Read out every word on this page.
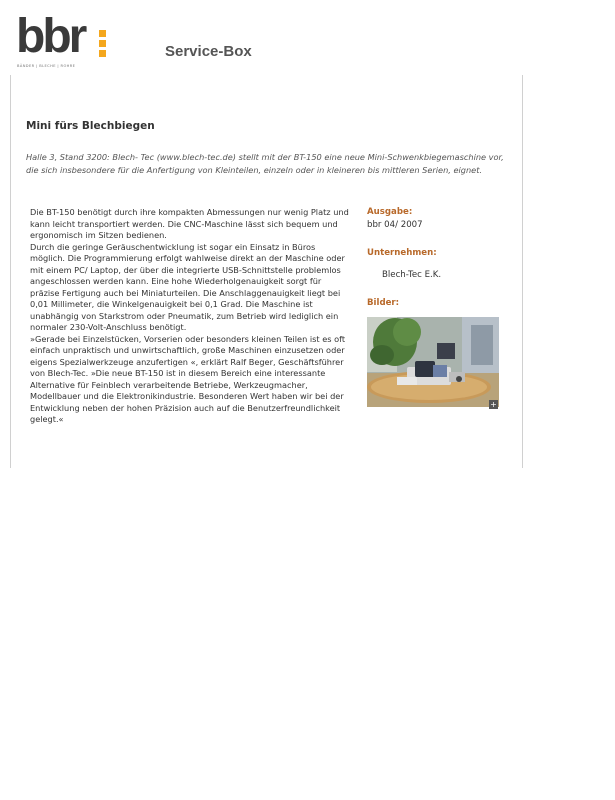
bbr
BÄNDER | BLECHE | ROHRE
Service-Box
Mini fürs Blechbiegen
Halle 3, Stand 3200: Blech- Tec (www.blech-tec.de) stellt mit der BT-150 eine neue Mini-Schwenkbiegemaschine vor, die sich insbesondere für die Anfertigung von Kleinteilen, einzeln oder in kleineren bis mittleren Serien, eignet.

Die BT-150 benötigt durch ihre kompakten Abmessungen nur wenig Platz und kann leicht transportiert werden. Die CNC-Maschine lässt sich bequem und ergonomisch im Sitzen bedienen.

Durch die geringe Geräuschentwicklung ist sogar ein Einsatz in Büros möglich. Die Programmierung erfolgt wahlweise direkt an der Maschine oder mit einem PC/ Laptop, der über die integrierte USB-Schnittstelle problemlos angeschlossen werden kann. Eine hohe Wiederholgenauigkeit sorgt für präzise Fertigung auch bei Miniaturteilen. Die Anschlaggenauigkeit liegt bei 0,01 Millimeter, die Winkelgenauigkeit bei 0,1 Grad. Die Maschine ist unabhängig von Starkstrom oder Pneumatik, zum Betrieb wird lediglich ein normaler 230-Volt-Anschluss benötigt.

»Gerade bei Einzelstücken, Vorserien oder besonders kleinen Teilen ist es oft einfach unpraktisch und unwirtschaftlich, große Maschinen einzusetzen oder eigens Spezialwerkzeuge anzufertigen «, erklärt Ralf Beger, Geschäftsführer von Blech-Tec. »Die neue BT-150 ist in diesem Bereich eine interessante Alternative für Feinblech verarbeitende Betriebe, Werkzeugmacher, Modellbauer und die Elektronikindustrie. Besonderen Wert haben wir bei der Entwicklung neben der hohen Präzision auch auf die Benutzerfreundlichkeit gelegt.«

Ausgabe:
bbr 04/ 2007
Unternehmen:
Blech-Tec E.K.
Bilder:
+
